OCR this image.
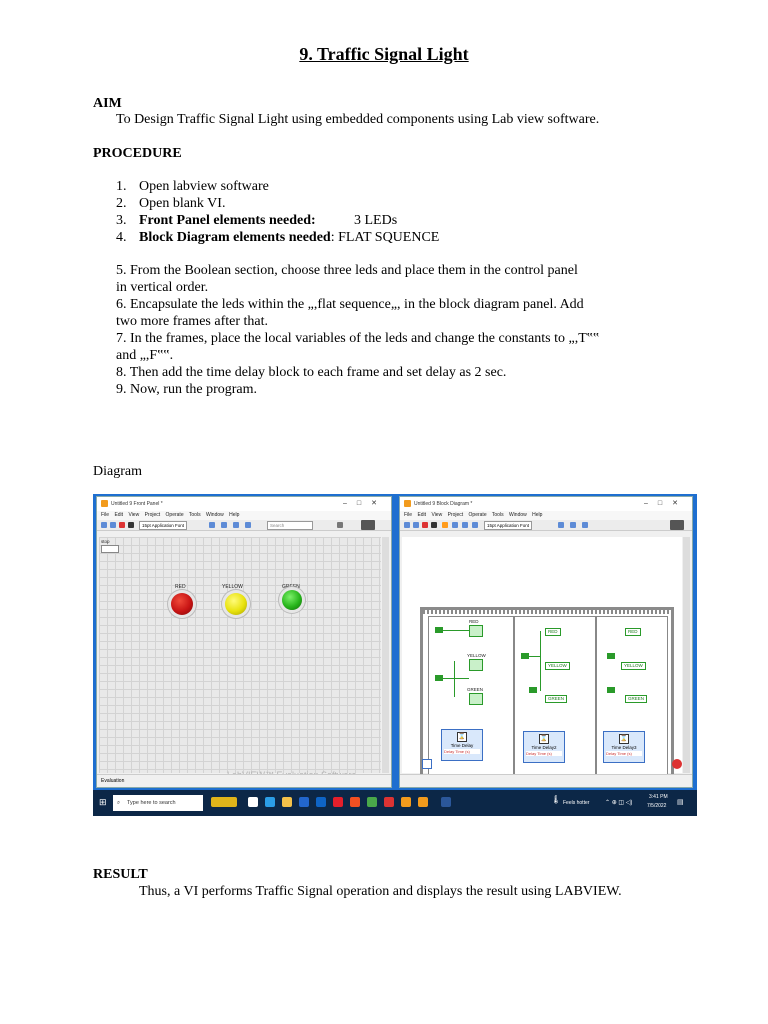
9. Traffic Signal Light
AIM
To Design Traffic Signal Light using embedded components using Lab view software.
PROCEDURE
1. Open labview software
2. Open blank VI.
3. Front Panel elements needed:	3 LEDs
4. Block Diagram elements needed: FLAT SQUENCE
5. From the Boolean section, choose three leds and place them in the control panel
in vertical order.
6. Encapsulate the leds within the „,flat sequence„, in the block diagram panel. Add
two more frames after that.
7. In the frames, place the local variables of the leds and change the constants to „,T‟‟
and „,F‟‟.
8. Then add the time delay block to each frame and set delay as 2 sec.
9. Now, run the program.
Diagram
Untitled 9 Front Panel *	–□✕
File Edit View Project Operate Tools Window Help
15pt Application Font	Search
stop
RED	YELLOW	GREEN
Evaluation
Untitled 9 Block Diagram *	–□✕
File Edit View Project Operate Tools Window Help
15pt Application Font
RED
YELLOW
GREEN
⌛
Time Delay
Delay Time (s)
RED
YELLOW
GREEN
⌛
Time Delay2
Delay Time (s)
RED
YELLOW
GREEN
⌛
Time Delay3
Delay Time (s)
⊞ ⌕ Type here to search	🌡 Feels hotter	⌃ ⊕ ◫ ◁)
3:41 PM
7/5/2022 ▤
RESULT
Thus, a VI performs Traffic Signal operation and displays the result using LABVIEW.
